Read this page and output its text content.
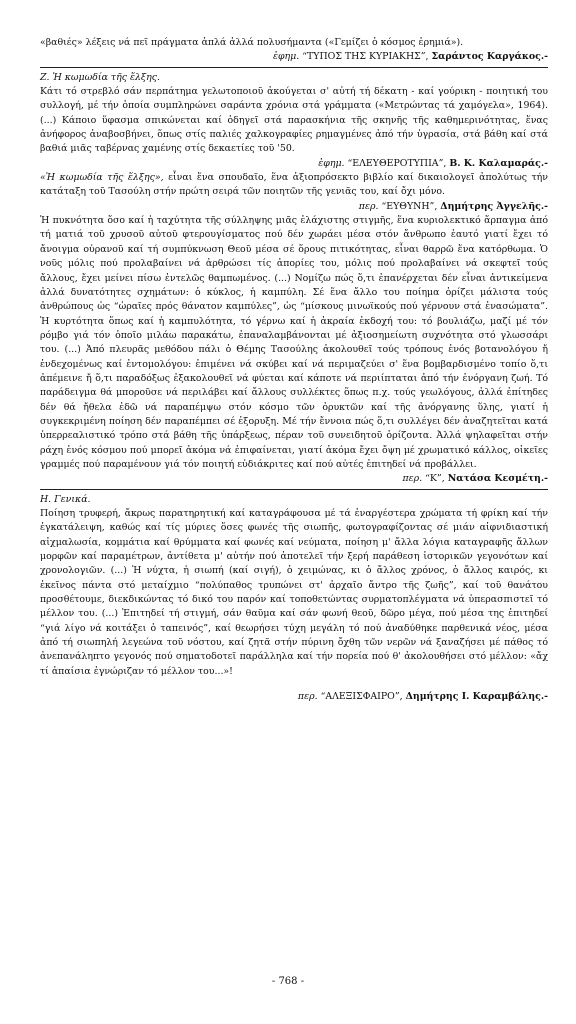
«βαθιές» λέξεις νά πεῖ πράγματα ἁπλά ἀλλά πολυσήμαντα («Γεμίζει ὁ κόσμος ἐρημιά»).

ἐφημ. “ΤΥΠΟΣ ΤΗΣ ΚΥΡΙΑΚΗΣ”, Σαράντος Καργάκος.-

Ζ. Ἡ κωμωδία τῆς ἕλξης.

Κάτι τό στρεβλό σάν περπάτημα γελωτοποιοῦ ἀκούγεται σ' αὐτή τή δέκατη - καί γούρικη - ποιητική του συλλογή, μέ τήν ὁποία συμπληρώνει σαράντα χρόνια στά γράμματα («Μετρώντας τά χαμόγελα», 1964). (...) Κάποιο ὕφασμα σπικώνεται καί ὁδηγεῖ στά παρασκήνια τῆς σκηνῆς τῆς καθημερινότητας, ἕνας ἀνήφορος ἀναβοσβήνει, ὅπως στίς παλιές χαλκογραφίες ρημαγμένες ἀπό τήν ὑγρασία, στά βάθη καί στά βαθιά μιᾶς ταβέρνας χαμένης στίς δεκαετίες τοῦ '50.

ἐφημ. “ΕΛΕΥΘΕΡΟΤΥΠΙΑ”, Β. Κ. Καλαμαράς.-

«Ἡ κωμωδία τῆς ἕλξης», εἶναι ἕνα σπουδαῖο, ἕνα ἀξιοπρόσεκτο βιβλίο καί δικαιολογεῖ ἀπολύτως τήν κατάταξη τοῦ Τασούλη στήν πρώτη σειρά τῶν ποιητῶν τῆς γενιᾶς του, καί ὄχι μόνο.

περ. “ΕΥΘΥΝΗ”, Δημήτρης Ἀγγελῆς.-

Ἡ πυκνότητα ὅσο καί ἡ ταχύτητα τῆς σύλληψης μιᾶς ἐλάχιστης στιγμῆς, ἕνα κυριολεκτικό ἅρπαγμα ἀπό τή ματιά τοῦ χρυσοῦ αὐτοῦ φτερουγίσματος πού δέν χωράει μέσα στόν ἄνθρωπο ἑαυτό γιατί ἔχει τό ἄνοιγμα οὐρανοῦ καί τή συμπύκνωση Θεοῦ μέσα σέ ὅρους πιτικότητας, εἶναι θαρρῶ ἕνα κατόρθωμα. Ὁ νοῦς μόλις πού προλαβαίνει νά ἀρθρώσει τίς ἀπορίες του, μόλις πού προλαβαίνει νά σκεφτεῖ τούς ἄλλους, ἔχει μείνει πίσω ἐντελῶς θαμπωμένος. (...) Νομίζω πώς ὅ,τι ἐπανέρχεται δέν εἶναι ἀντικείμενα ἀλλά δυνατότητες σχημάτων: ὁ κύκλος, ἡ καμπύλη. Σέ ἕνα ἄλλο του ποίημα ὁρίζει μάλιστα τούς ἀνθρώπους ὡς “ὡραῖες πρός θάνατον καμπύλες”, ὡς “μίσκους μινωϊκούς πού γέρνουν στά ἐνασώματα”. Ἡ κυρτότητα ὅπως καί ἡ καμπυλότητα, τό γέρνω καί ἡ ἀκραία ἐκδοχή του: τό βουλιάζω, μαζί μέ τόν ρόμβο γιά τόν ὁποῖο μιλάω παρακάτω, ἐπαναλαμβάνονται μέ ἀξιοσημείωτη συχνότητα στό γλωσσάρι του. (...) Ἀπό πλευρᾶς μεθόδου πάλι ὁ Θέμης Τασούλης ἀκολουθεῖ τούς τρόπους ἑνός βοτανολόγου ἤ ἐνδεχομένως καί ἐντομολόγου: ἐπιμένει νά σκύβει καί νά περιμαζεύει σ' ἕνα βομβαρδισμένο τοπίο ὅ,τι ἀπέμεινε ἤ ὅ,τι παραδόξως ἐξακολουθεῖ νά φύεται καί κάποτε νά περιίπταται ἀπό τήν ἐνόργανη ζωή. Τό παράδειγμα θά μποροῦσε νά περιλάβει καί ἄλλους συλλέκτες ὅπως π.χ. τούς γεωλόγους, ἀλλά ἐπίτηδες δέν θά ἤθελα ἐδῶ νά παραπέμψω στόν κόσμο τῶν ὀρυκτῶν καί τῆς ἀνόργανης ὕλης, γιατί ἡ συγκεκριμένη ποίηση δέν παραπέμπει σέ ἐξορυξη. Μέ τήν ἔννοια πώς ὅ,τι συλλέγει δέν ἀναζητεῖται κατά ὑπερρεαλιστικό τρόπο στά βάθη τῆς ὑπάρξεως, πέραν τοῦ συνειδητοῦ ὁρίζοντα. Ἀλλά ψηλαφεῖται στήν ράχη ἑνός κόσμου πού μπορεῖ ἀκόμα νά ἐπιφαίνεται, γιατί ἀκόμα ἔχει ὄψη μέ χρωματικό κάλλος, οἰκεῖες γραμμές πού παραμένουν γιά τόν ποιητή εὐδιάκριτες καί πού αὐτές ἐπιτηδεί νά προβάλλει.

περ. “Κ”, Νατάσα Κεσμέτη.-

Η. Γενικά.

Ποίηση τρυφερή, ἄκρως παρατηρητική καί καταγράφουσα μέ τά ἐναργέστερα χρώματα τή φρίκη καί τήν ἐγκατάλειψη, καθώς καί τίς μύριες ὅσες φωνές τῆς σιωπῆς, φωτογραφίζοντας σέ μιάν αἰφνιδιαστική αἰχμαλωσία, κομμάτια καί θρύμματα καί φωνές καί νεύματα, ποίηση μ' ἄλλα λόγια καταγραφῆς ἄλλων μορφῶν καί παραμέτρων, ἀντίθετα μ' αὐτήν πού ἀποτελεῖ τήν ξερή παράθεση ἱστορικῶν γεγονότων καί χρονολογιῶν. (...) Ἡ νύχτα, ἡ σιωπή (καί σιγή), ὁ χειμώνας, κι ὁ ἄλλος χρόνος, ὁ ἄλλος καιρός, κι ἐκεῖνος πάντα στό μεταίχμιο “πολύπαθος τρυπώνει στ' ἀρχαῖο ἄντρο τῆς ζωῆς”, καί τοῦ θανάτου προσθέτουμε, διεκδικώντας τό δικό του παρόν καί τοποθετώντας συρματοπλέγματα νά ὑπερασπιστεῖ τό μέλλον του. (...) Ἐπιτηδεί τή στιγμή, σάν θαῦμα καί σάν φωνή θεοῦ, δῶρο μέγα, πού μέσα της ἐπιτηδεί “γιά λίγο νά κοιτάξει ὁ ταπεινός”, καί θεωρήσει τύχη μεγάλη τό πού ἀναδύθηκε παρθενικά νέος, μέσα ἀπό τή σιωπηλή λεγεώνα τοῦ νόστου, καί ζητᾶ στήν πύρινη ὄχθη τῶν νερῶν νά ξαναζήσει μέ πάθος τό ἀνεπανάληπτο γεγονός πού σηματοδοτεῖ παράλληλα καί τήν πορεία πού θ' ἀκολουθήσει στό μέλλον: «ἄχ τί ἀπαίσια ἐγνώριζαν τό μέλλον του...»!

περ. “ΑΛΕΞΙΣΦΑΙΡΟ”, Δημήτρης Ι. Καραμβάλης.-

- 768 -
